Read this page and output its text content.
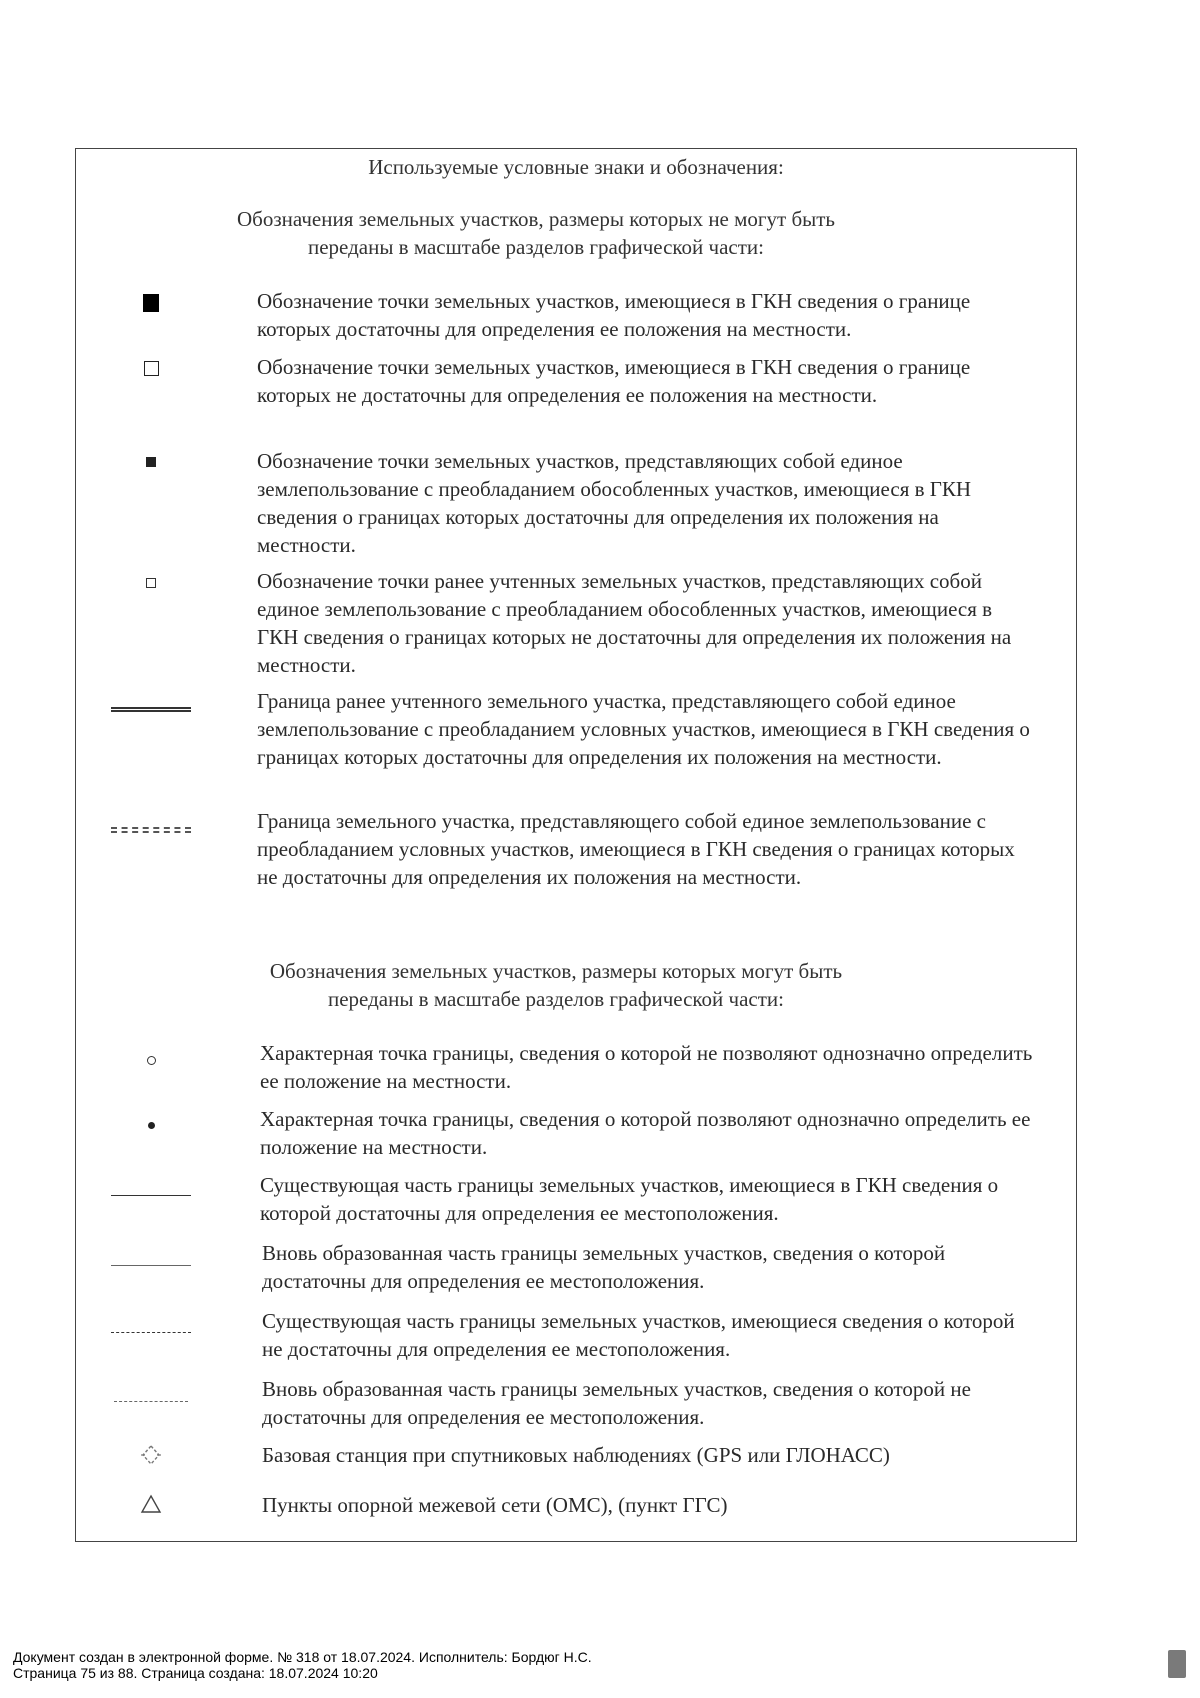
Используемые условные знаки и обозначения:
Обозначения земельных участков, размеры которых не могут быть
переданы в масштабе разделов графической части:
Обозначение точки земельных участков, имеющиеся в ГКН сведения о границе которых достаточны для определения ее положения на местности.
Обозначение точки земельных участков, имеющиеся в ГКН сведения о границе которых не достаточны для определения ее положения на местности.
Обозначение точки земельных участков, представляющих собой единое землепользование с преобладанием обособленных участков, имеющиеся в ГКН сведения о границах которых достаточны для определения их положения на местности.
Обозначение точки ранее учтенных земельных участков, представляющих собой единое землепользование с преобладанием обособленных участков, имеющиеся в ГКН сведения о границах которых не достаточны для определения их положения на местности.
Граница ранее учтенного земельного участка, представляющего собой единое землепользование с преобладанием условных участков, имеющиеся в ГКН сведения о границах которых достаточны для определения их положения на местности.
Граница земельного участка, представляющего собой единое землепользование с преобладанием условных участков, имеющиеся в ГКН сведения о границах которых не достаточны для определения их положения на местности.
Обозначения земельных участков, размеры которых могут быть
переданы в масштабе разделов графической части:
Характерная точка границы, сведения о которой не позволяют однозначно определить ее положение на местности.
Характерная точка границы, сведения о которой позволяют однозначно определить ее положение на местности.
Существующая часть границы земельных участков, имеющиеся в ГКН сведения о которой достаточны для определения ее местоположения.
Вновь образованная часть границы земельных участков, сведения о которой достаточны для определения ее местоположения.
Существующая часть границы земельных участков, имеющиеся сведения о которой не достаточны для определения ее местоположения.
Вновь образованная часть границы земельных участков, сведения о которой не достаточны для определения ее местоположения.
Базовая станция при спутниковых наблюдениях (GPS или ГЛОНАСС)
Пункты опорной межевой сети (ОМС), (пункт ГГС)
Документ создан в электронной форме. № 318 от 18.07.2024. Исполнитель: Бордюг Н.С.
Страница 75 из 88. Страница создана: 18.07.2024 10:20
